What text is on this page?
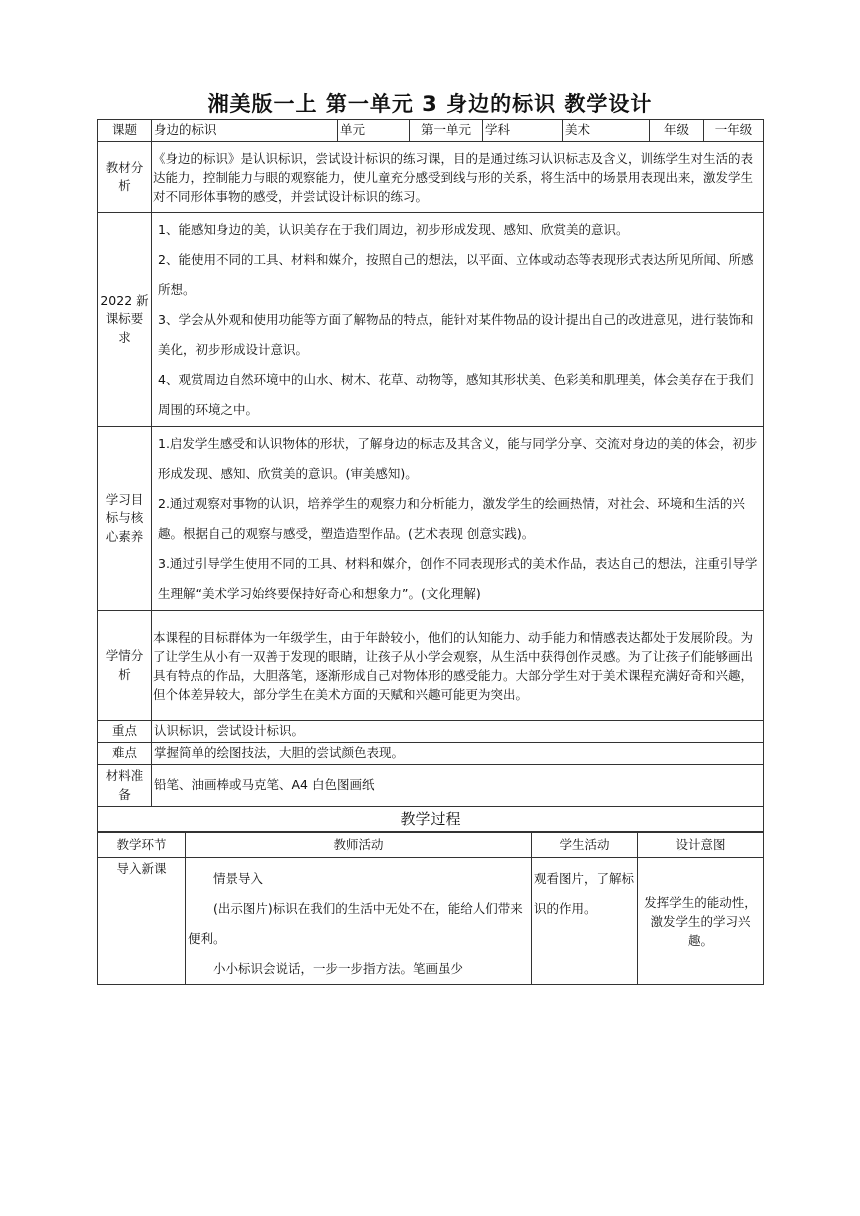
湘美版一上 第一单元 3 身边的标识 教学设计
课题	身边的标识	单元	第一单元	学科	美术	年级	一年级
教材分析	《身边的标识》是认识标识，尝试设计标识的练习课，目的是通过练习认识标志及含义，训练学生对生活的表达能力，控制能力与眼的观察能力，使儿童充分感受到线与形的关系，将生活中的场景用表现出来，激发学生对不同形体事物的感受，并尝试设计标识的练习。						
2022 新课标要求	1、能感知身边的美，认识美存在于我们周边，初步形成发现、感知、欣赏美的意识。

2、能使用不同的工具、材料和媒介，按照自己的想法，以平面、立体或动态等表现形式表达所见所闻、所感所想。

3、学会从外观和使用功能等方面了解物品的特点，能针对某件物品的设计提出自己的改进意见，进行装饰和美化，初步形成设计意识。

4、观赏周边自然环境中的山水、树木、花草、动物等，感知其形状美、色彩美和肌理美，体会美存在于我们周围的环境之中。						

学习目标与核心素养	1.启发学生感受和认识物体的形状，了解身边的标志及其含义，能与同学分享、交流对身边的美的体会，初步形成发现、感知、欣赏美的意识。(审美感知)。

2.通过观察对事物的认识，培养学生的观察力和分析能力，激发学生的绘画热情，对社会、环境和生活的兴趣。根据自己的观察与感受，塑造造型作品。(艺术表现 创意实践)。

3.通过引导学生使用不同的工具、材料和媒介，创作不同表现形式的美术作品，表达自己的想法，注重引导学生理解“美术学习始终要保持好奇心和想象力”。(文化理解)						

学情分析	本课程的目标群体为一年级学生，由于年龄较小，他们的认知能力、动手能力和情感表达都处于发展阶段。为了让学生从小有一双善于发现的眼睛，让孩子从小学会观察，从生活中获得创作灵感。为了让孩子们能够画出具有特点的作品，大胆落笔，逐渐形成自己对物体形的感受能力。大部分学生对于美术课程充满好奇和兴趣，但个体差异较大，部分学生在美术方面的天赋和兴趣可能更为突出。						
重点	认识标识，尝试设计标识。						
难点	掌握简单的绘图技法，大胆的尝试颜色表现。						
材料准备	铅笔、油画棒或马克笔、A4 白色图画纸						
教学过程							
教学环节	教师活动	学生活动	设计意图
导入新课	情景导入

(出示图片)标识在我们的生活中无处不在，能给人们带来便利。

小小标识会说话，一步一步指方法。笔画虽少	观看图片，了解标识的作用。	发挥学生的能动性，激发学生的学习兴趣。
